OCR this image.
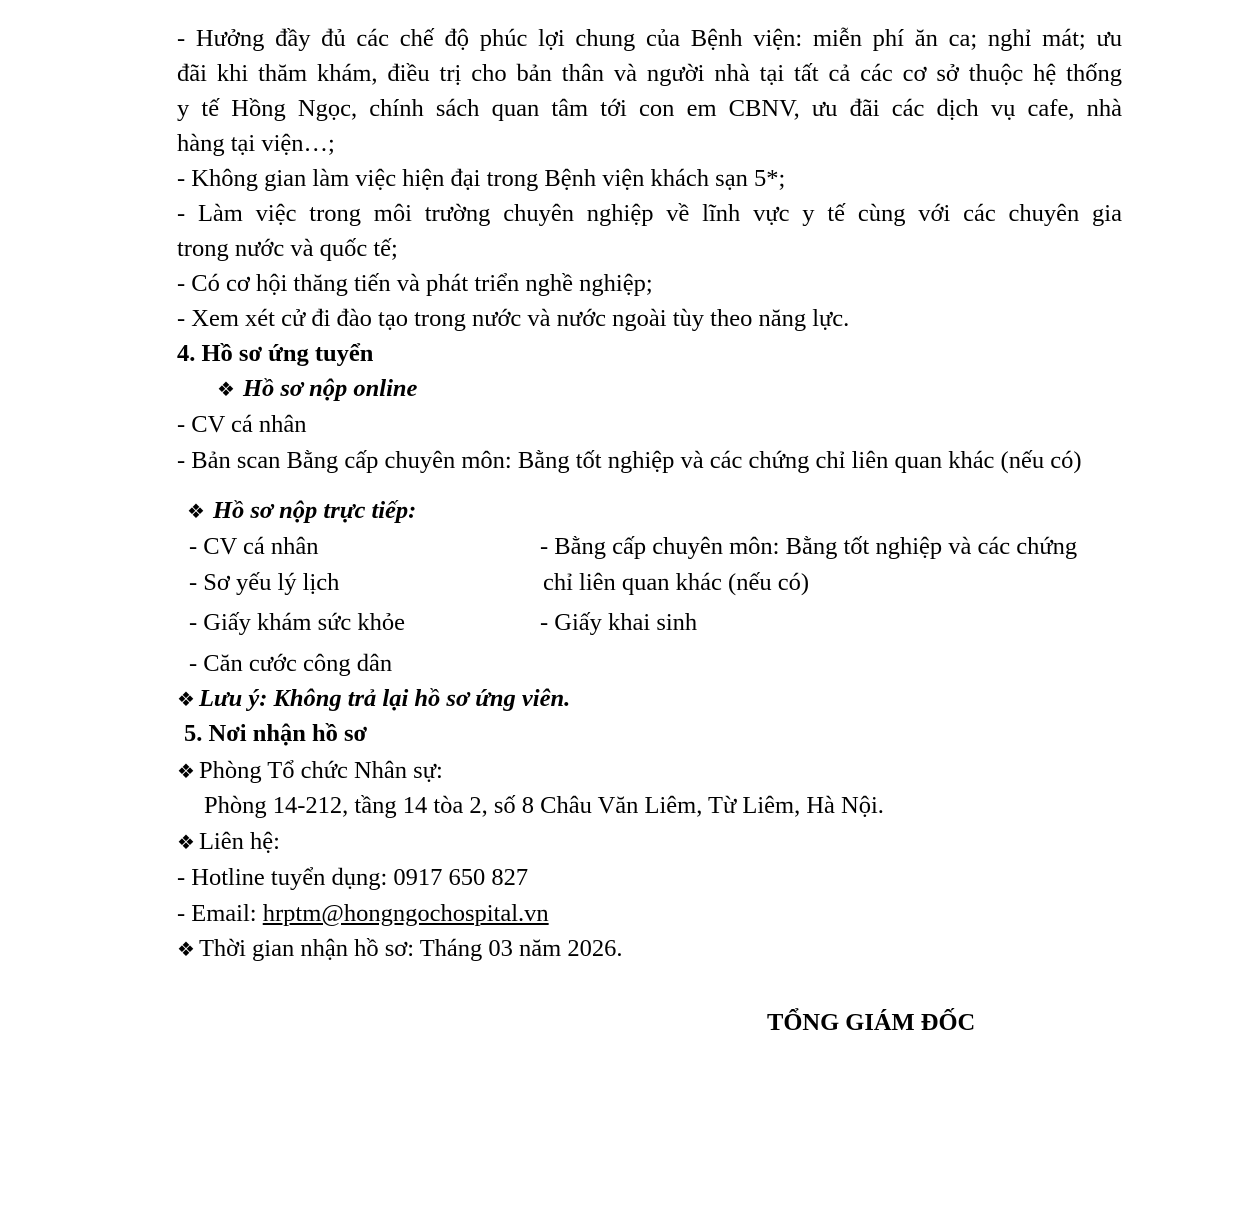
- Hưởng đầy đủ các chế độ phúc lợi chung của Bệnh viện: miễn phí ăn ca; nghỉ mát; ưu
đãi khi thăm khám, điều trị cho bản thân và người nhà tại tất cả các cơ sở thuộc hệ thống
y tế Hồng Ngọc, chính sách quan tâm tới con em CBNV, ưu đãi các dịch vụ cafe, nhà
hàng tại viện…;
- Không gian làm việc hiện đại trong Bệnh viện khách sạn 5*;
- Làm việc trong môi trường chuyên nghiệp về lĩnh vực y tế cùng với các chuyên gia
trong nước và quốc tế;
- Có cơ hội thăng tiến và phát triển nghề nghiệp;
- Xem xét cử đi đào tạo trong nước và nước ngoài tùy theo năng lực.
4. Hồ sơ ứng tuyển
❖ Hồ sơ nộp online
- CV cá nhân
- Bản scan Bằng cấp chuyên môn: Bằng tốt nghiệp và các chứng chỉ liên quan khác (nếu có)
❖ Hồ sơ nộp trực tiếp:
- CV cá nhân
- Sơ yếu lý lịch
- Giấy khám sức khỏe
- Căn cước công dân
- Bằng cấp chuyên môn: Bằng tốt nghiệp và các chứng
chỉ liên quan khác (nếu có)
- Giấy khai sinh
❖ Lưu ý: Không trả lại hồ sơ ứng viên.
5. Nơi nhận hồ sơ
❖ Phòng Tổ chức Nhân sự:
Phòng 14-212, tầng 14 tòa 2, số 8 Châu Văn Liêm, Từ Liêm, Hà Nội.
❖ Liên hệ:
- Hotline tuyển dụng: 0917 650 827
- Email: hrptm@hongngochospital.vn
❖ Thời gian nhận hồ sơ: Tháng 03 năm 2026.
TỔNG GIÁM ĐỐC
